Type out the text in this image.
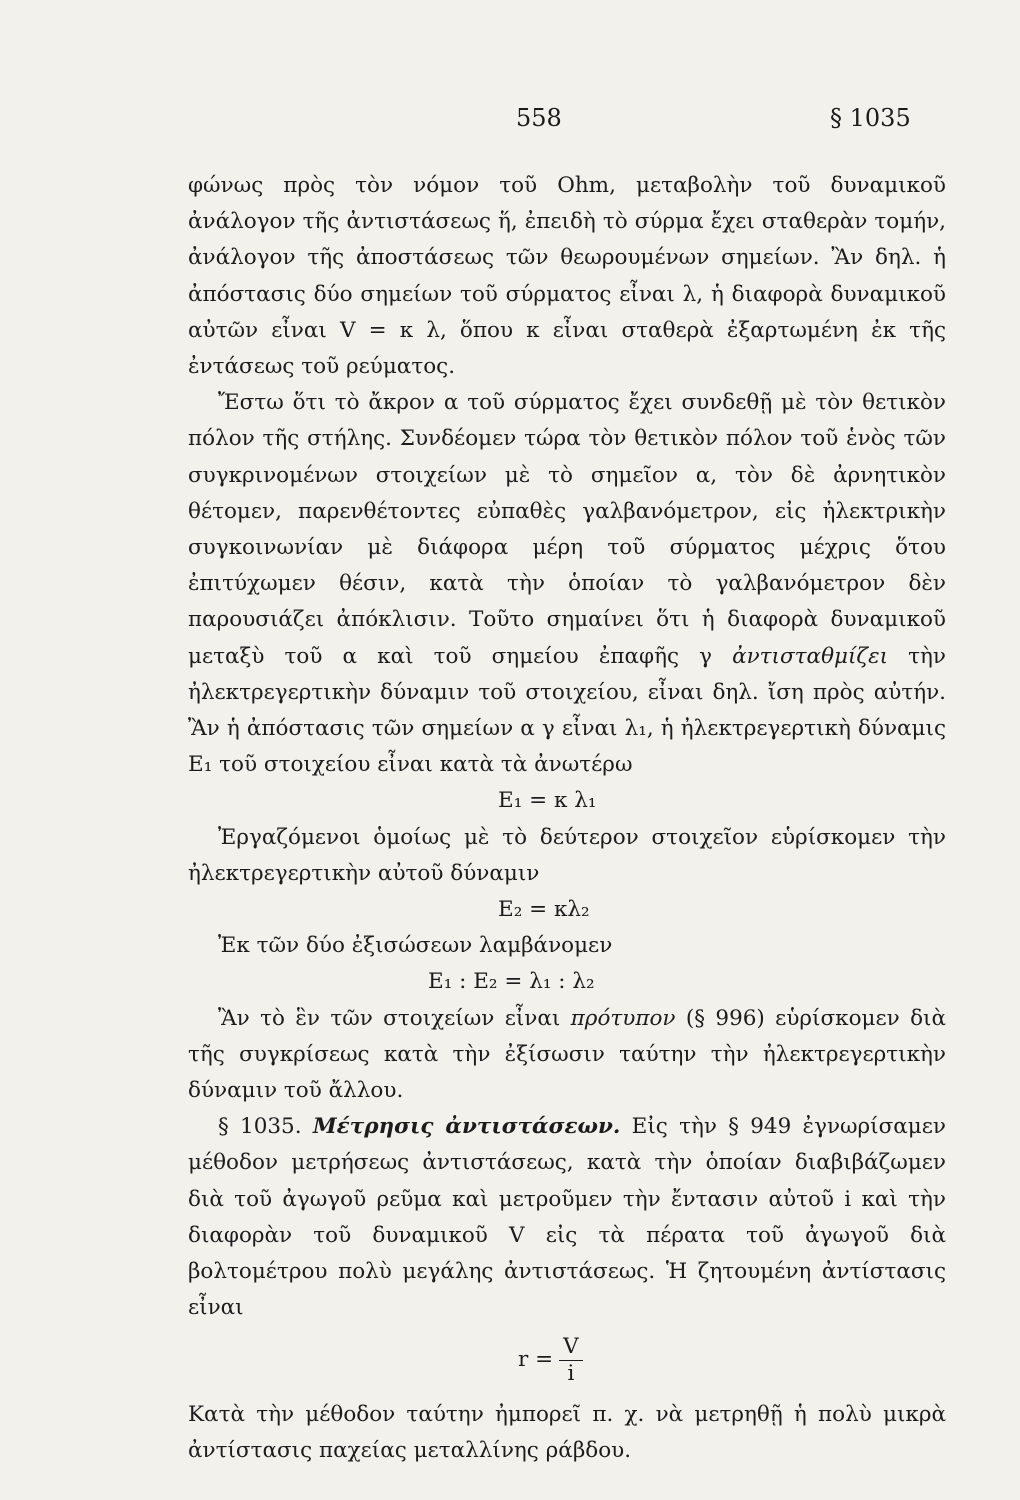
558	§ 1035

φώνως πρὸς τὸν νόμον τοῦ Ohm, μεταβολὴν τοῦ δυναμικοῦ ἀνάλογον τῆς ἀντιστάσεως ἥ, ἐπειδὴ τὸ σύρμα ἔχει σταθερὰν τομήν, ἀνάλογον τῆς ἀποστάσεως τῶν θεωρουμένων σημείων. Ἂν δηλ. ἡ ἀπόστασις δύο σημείων τοῦ σύρματος εἶναι λ, ἡ διαφορὰ δυναμικοῦ αὐτῶν εἶναι V = κ λ, ὅπου κ εἶναι σταθερὰ ἐξαρτωμένη ἐκ τῆς ἐντάσεως τοῦ ρεύματος.

Ἔστω ὅτι τὸ ἄκρον α τοῦ σύρματος ἔχει συνδεθῇ μὲ τὸν θετικὸν πόλον τῆς στήλης. Συνδέομεν τώρα τὸν θετικὸν πόλον τοῦ ἑνὸς τῶν συγκρινομένων στοιχείων μὲ τὸ σημεῖον α, τὸν δὲ ἀρνητικὸν θέτομεν, παρενθέτοντες εὐπαθὲς γαλβανόμετρον, εἰς ἠλεκτρικὴν συγκοινωνίαν μὲ διάφορα μέρη τοῦ σύρματος μέχρις ὅτου ἐπιτύχωμεν θέσιν, κατὰ τὴν ὁποίαν τὸ γαλβανόμετρον δὲν παρουσιάζει ἀπόκλισιν. Τοῦτο σημαίνει ὅτι ἡ διαφορὰ δυναμικοῦ μεταξὺ τοῦ α καὶ τοῦ σημείου ἐπαφῆς γ ἀντισταθμίζει τὴν ἠλεκτρεγερτικὴν δύναμιν τοῦ στοιχείου, εἶναι δηλ. ἴση πρὸς αὐτήν. Ἂν ἡ ἀπόστασις τῶν σημείων α γ εἶναι λ₁, ἡ ἠλεκτρεγερτικὴ δύναμις E₁ τοῦ στοιχείου εἶναι κατὰ τὰ ἀνωτέρω

E₁ = κ λ₁

Ἐργαζόμενοι ὁμοίως μὲ τὸ δεύτερον στοιχεῖον εὑρίσκομεν τὴν ἠλεκτρεγερτικὴν αὐτοῦ δύναμιν

E₂ = κλ₂

Ἐκ τῶν δύο ἐξισώσεων λαμβάνομεν

E₁ : E₂ = λ₁ : λ₂

Ἂν τὸ ἓν τῶν στοιχείων εἶναι πρότυπον (§ 996) εὑρίσκομεν διὰ τῆς συγκρίσεως κατὰ τὴν ἐξίσωσιν ταύτην τὴν ἠλεκτρεγερτικὴν δύναμιν τοῦ ἄλλου.

§ 1035. Μέτρησις ἀντιστάσεων. Εἰς τὴν § 949 ἐγνωρίσαμεν μέθοδον μετρήσεως ἀντιστάσεως, κατὰ τὴν ὁποίαν διαβιβάζωμεν διὰ τοῦ ἀγωγοῦ ρεῦμα καὶ μετροῦμεν τὴν ἔντασιν αὐτοῦ i καὶ τὴν διαφορὰν τοῦ δυναμικοῦ V εἰς τὰ πέρατα τοῦ ἀγωγοῦ διὰ βολτομέτρου πολὺ μεγάλης ἀντιστάσεως. Ἡ ζητουμένη ἀντίστασις εἶναι

$r = \frac{V}{i}$

Κατὰ τὴν μέθοδον ταύτην ἠμπορεῖ π. χ. νὰ μετρηθῇ ἡ πολὺ μικρὰ ἀντίστασις παχείας μεταλλίνης ράβδου.
